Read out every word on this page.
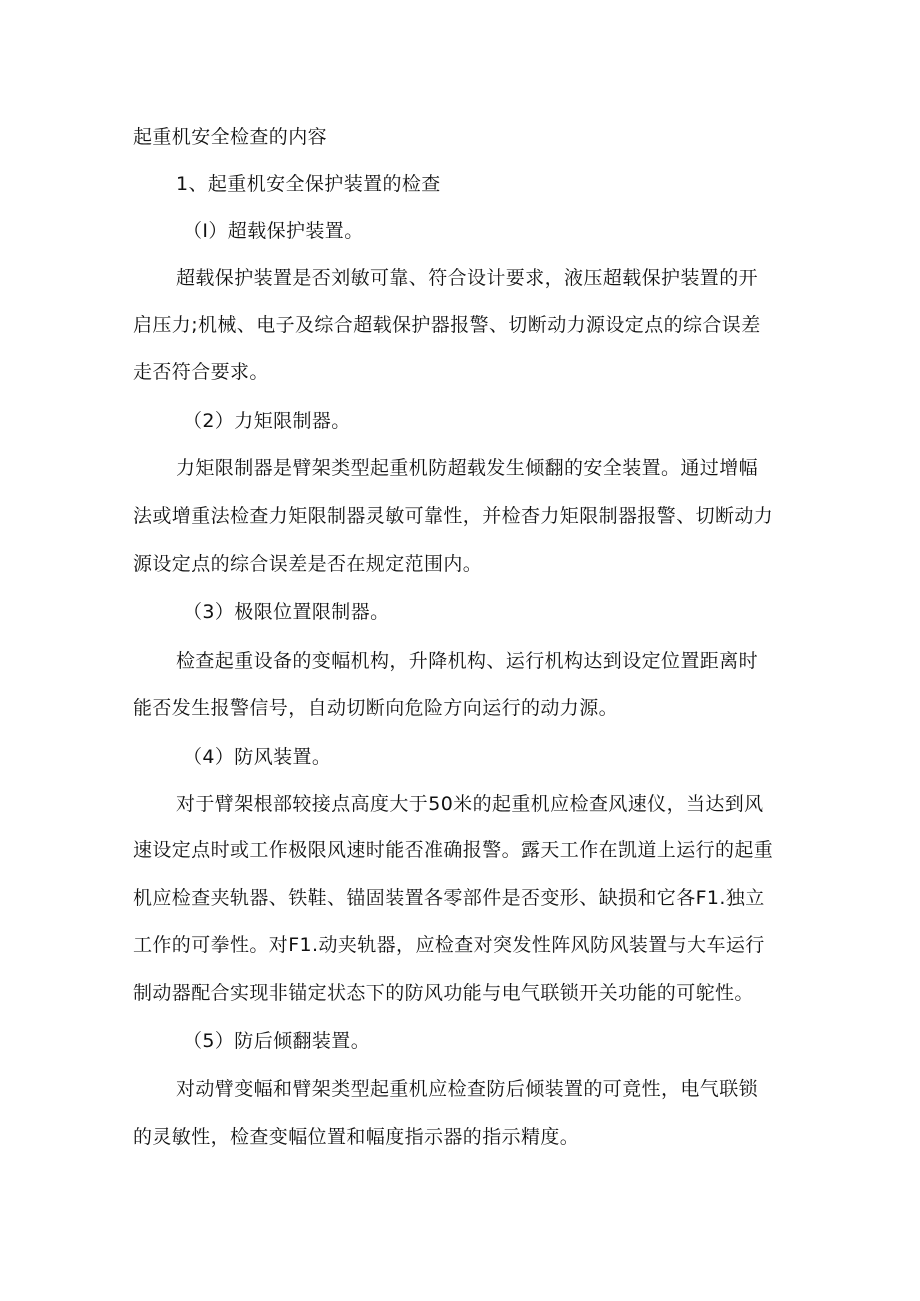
起重机安全检查的内容
1、起重机安全保护装置的检查
（I）超载保护装置。
超载保护装置是否刘敏可靠、符合设计要求，液压超载保护装置的开
启压力;机械、电子及综合超载保护器报警、切断动力源设定点的综合误差
走否符合要求。
（2）力矩限制器。
力矩限制器是臂架类型起重机防超载发生倾翻的安全装置。通过增幅
法或增重法检查力矩限制器灵敏可靠性，并检杳力矩限制器报警、切断动力
源设定点的综合误差是否在规定范围内。
（3）极限位置限制器。
检查起重设备的变幅机构，升降机构、运行机构达到设定位置距离时
能否发生报警信号，自动切断向危险方向运行的动力源。
（4）防风装置。
对于臂架根部较接点高度大于50米的起重机应检查风速仪，当达到风
速设定点时或工作极限风速时能否准确报警。露天工作在凯道上运行的起重
机应检查夹轨器、铁鞋、锚固装置各零部件是否变形、缺损和它各F1.独立
工作的可拳性。对F1.动夹轨器，应检查对突发性阵风防风装置与大车运行
制动器配合实现非锚定状态下的防风功能与电气联锁开关功能的可鸵性。
（5）防后倾翻装置。
对动臂变幅和臂架类型起重机应检查防后倾装置的可竟性，电气联锁
的灵敏性，检查变幅位置和幅度指示器的指示精度。
